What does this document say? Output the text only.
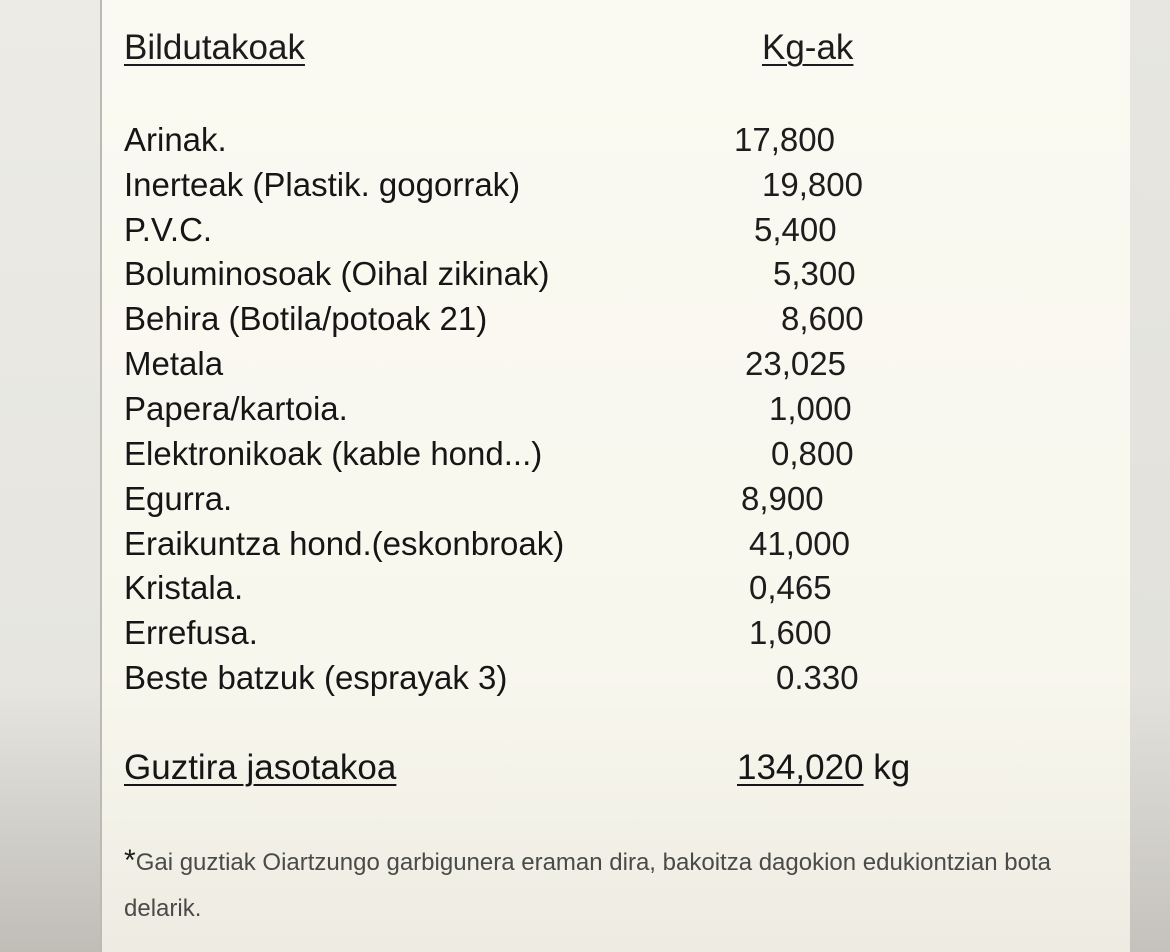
Bildutakoak	Kg-ak
Arinak.	17,800
Inerteak (Plastik. gogorrak)	19,800
P.V.C.	5,400
Boluminosoak (Oihal zikinak)	5,300
Behira (Botila/potoak 21)	8,600
Metala	23,025
Papera/kartoia.	1,000
Elektronikoak (kable hond...)	0,800
Egurra.	8,900
Eraikuntza hond.(eskonbroak)	41,000
Kristala.	0,465
Errefusa.	1,600
Beste batzuk (esprayak 3)	0.330
Guztira jasotakoa	134,020 kg
*Gai guztiak Oiartzungo garbigunera eraman dira, bakoitza dagokion edukiontzian bota delarik.
